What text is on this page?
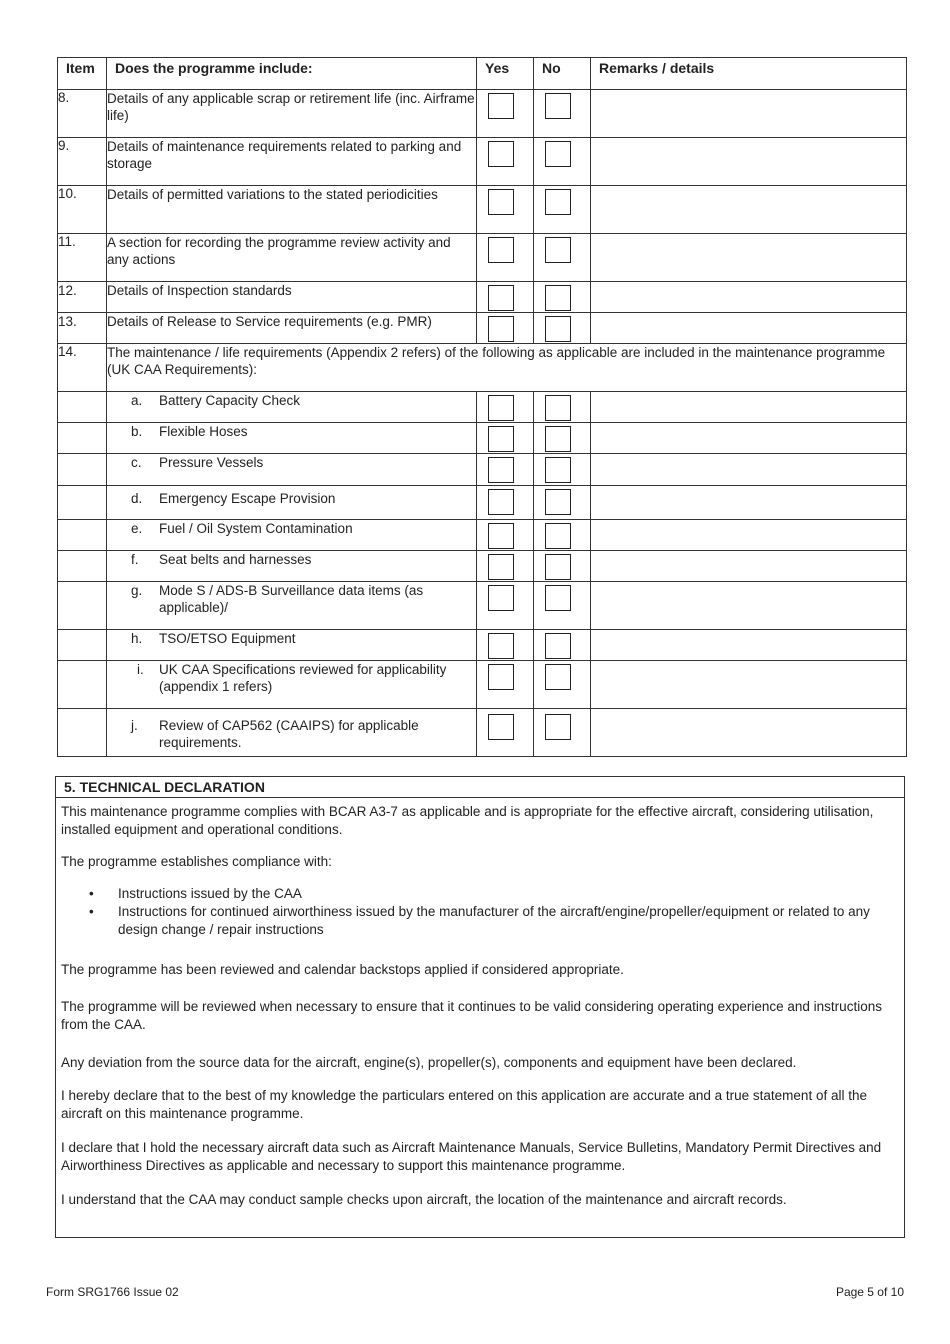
Item	Does the programme include:	Yes	No	Remarks / details
8.	Details of any applicable scrap or retirement life (inc. Airframe life)	

9.	Details of maintenance requirements related to parking and storage	

10.	Details of permitted variations to the stated periodicities	

11.	A section for recording the programme review activity and any actions	

12.	Details of Inspection standards	

13.	Details of Release to Service requirements (e.g. PMR)	

14.	The maintenance / life requirements (Appendix 2 refers) of the following as applicable are included in the maintenance programme (UK CAA Requirements):			
	a. Battery Capacity Check	

	b. Flexible Hoses	

	c. Pressure Vessels	

	d. Emergency Escape Provision	

	e. Fuel / Oil System Contamination	

	f. Seat belts and harnesses	

	g. Mode S / ADS-B Surveillance data items (as applicable)/	

	h. TSO/ETSO Equipment	

	i. UK CAA Specifications reviewed for applicability (appendix 1 refers)	

	j. Review of CAP562 (CAAIPS) for applicable requirements.	

5. TECHNICAL DECLARATION

This maintenance programme complies with BCAR A3-7 as applicable and is appropriate for the effective aircraft, considering utilisation, installed equipment and operational conditions.

The programme establishes compliance with:

• Instructions issued by the CAA
• Instructions for continued airworthiness issued by the manufacturer of the aircraft/engine/propeller/equipment or related to any design change / repair instructions

The programme has been reviewed and calendar backstops applied if considered appropriate.

The programme will be reviewed when necessary to ensure that it continues to be valid considering operating experience and instructions from the CAA.

Any deviation from the source data for the aircraft, engine(s), propeller(s), components and equipment have been declared.

I hereby declare that to the best of my knowledge the particulars entered on this application are accurate and a true statement of all the aircraft on this maintenance programme.

I declare that I hold the necessary aircraft data such as Aircraft Maintenance Manuals, Service Bulletins, Mandatory Permit Directives and Airworthiness Directives as applicable and necessary to support this maintenance programme.

I understand that the CAA may conduct sample checks upon aircraft, the location of the maintenance and aircraft records.

Form SRG1766 Issue 02	Page 5 of 10
